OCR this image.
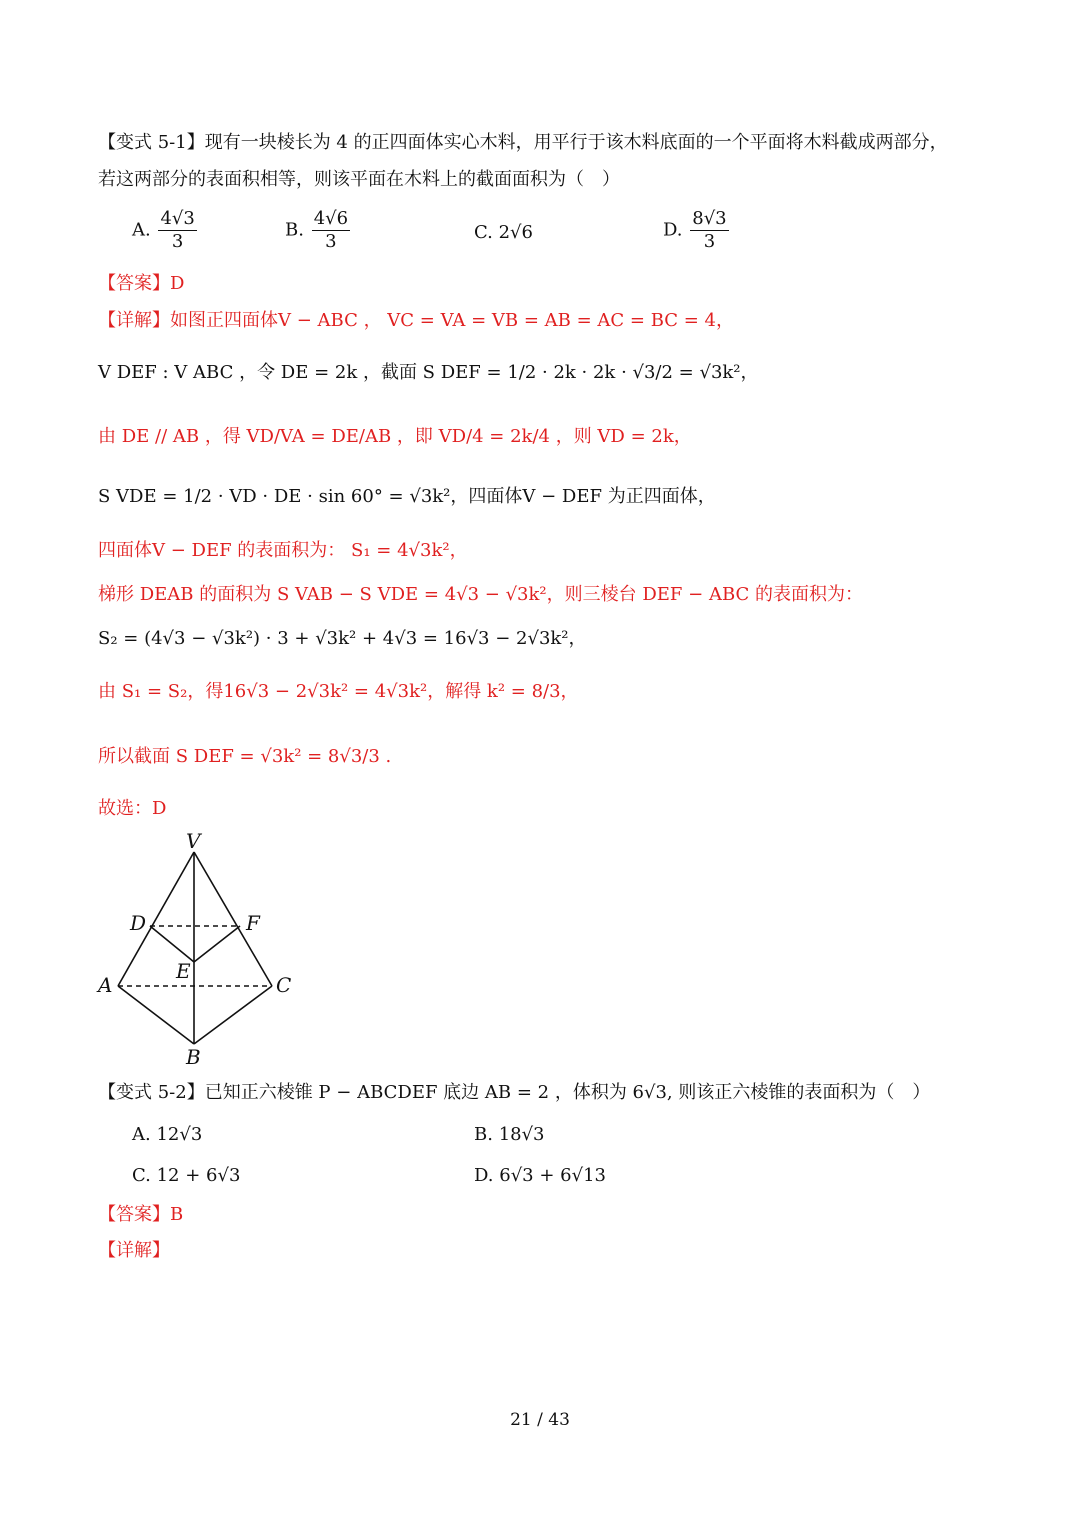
【变式 5-1】现有一块棱长为 4 的正四面体实心木料，用平行于该木料底面的一个平面将木料截成两部分，
若这两部分的表面积相等，则该平面在木料上的截面面积为（　）
A. $\frac{4√3}{3}$	B. $\frac{4√6}{3}$	C. 2√6	D. $\frac{8√3}{3}$
【答案】D
【详解】如图正四面体V − ABC ， VC = VA = VB = AB = AC = BC = 4，
V DEF : V ABC ，令 DE = 2k ，截面 S DEF = 1/2 · 2k · 2k · √3/2 = √3k²，
由 DE // AB ，得 VD/VA = DE/AB ，即 VD/4 = 2k/4 ，则 VD = 2k，
S VDE = 1/2 · VD · DE · sin 60° = √3k²，四面体V − DEF 为正四面体，
四面体V − DEF 的表面积为： S₁ = 4√3k²，
梯形 DEAB 的面积为 S VAB − S VDE = 4√3 − √3k²，则三棱台 DEF − ABC 的表面积为：
S₂ = (4√3 − √3k²) · 3 + √3k² + 4√3 = 16√3 − 2√3k²，
由 S₁ = S₂，得16√3 − 2√3k² = 4√3k²，解得 k² = 8/3，
所以截面 S DEF = √3k² = 8√3/3 .
故选：D
V
D	F
E
A	C
B
【变式 5-2】已知正六棱锥 P − ABCDEF 底边 AB = 2 ，体积为 6√3, 则该正六棱锥的表面积为（　）
A. 12√3	B. 18√3
C. 12 + 6√3	D. 6√3 + 6√13
【答案】B
【详解】
21 / 43
